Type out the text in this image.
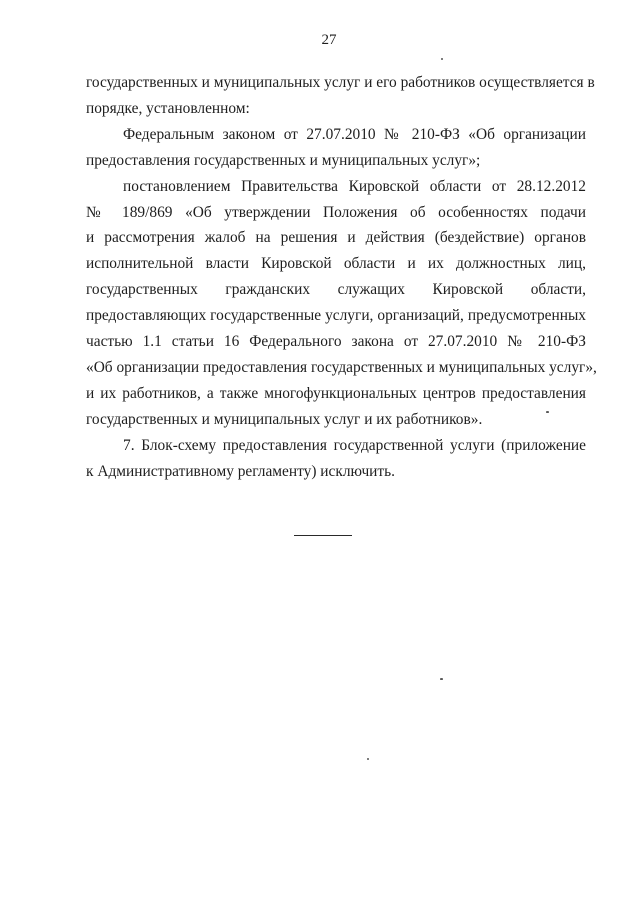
27
государственных и муниципальных услуг и его работников осуществляется в
порядке, установленном:
Федеральным законом от 27.07.2010 № 210-ФЗ «Об организации
предоставления государственных и муниципальных услуг»;
постановлением Правительства Кировской области от 28.12.2012
№ 189/869 «Об утверждении Положения об особенностях подачи
и рассмотрения жалоб на решения и действия (бездействие) органов
исполнительной власти Кировской области и их должностных лиц,
государственных гражданских служащих Кировской области,
предоставляющих государственные услуги, организаций, предусмотренных
частью 1.1 статьи 16 Федерального закона от 27.07.2010 № 210-ФЗ
«Об организации предоставления государственных и муниципальных услуг»,
и их работников, а также многофункциональных центров предоставления
государственных и муниципальных услуг и их работников».
7. Блок-схему предоставления государственной услуги (приложение
к Административному регламенту) исключить.
